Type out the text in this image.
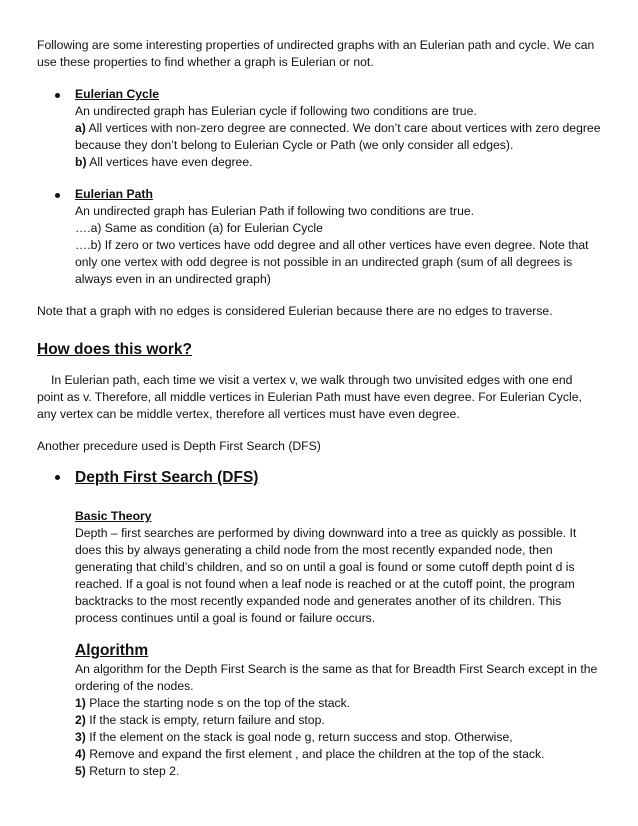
Following are some interesting properties of undirected graphs with an Eulerian path and cycle. We can use these properties to find whether a graph is Eulerian or not.

Eulerian Cycle

An undirected graph has Eulerian cycle if following two conditions are true.

a) All vertices with non-zero degree are connected. We don’t care about vertices with zero degree because they don’t belong to Eulerian Cycle or Path (we only consider all edges).

b) All vertices have even degree.

Eulerian Path

An undirected graph has Eulerian Path if following two conditions are true.

….a) Same as condition (a) for Eulerian Cycle

….b) If zero or two vertices have odd degree and all other vertices have even degree. Note that only one vertex with odd degree is not possible in an undirected graph (sum of all degrees is always even in an undirected graph)

Note that a graph with no edges is considered Eulerian because there are no edges to traverse.

How does this work?

In Eulerian path, each time we visit a vertex v, we walk through two unvisited edges with one end point as v. Therefore, all middle vertices in Eulerian Path must have even degree. For Eulerian Cycle, any vertex can be middle vertex, therefore all vertices must have even degree.

Another precedure used is Depth First Search (DFS)

Depth First Search (DFS)

Basic Theory

Depth – first searches are performed by diving downward into a tree as quickly as possible. It does this by always generating a child node from the most recently expanded node, then generating that child’s children, and so on until a goal is found or some cutoff depth point d is reached. If a goal is not found when a leaf node is reached or at the cutoff point, the program backtracks to the most recently expanded node and generates another of its children. This process continues until a goal is found or failure occurs.

Algorithm

An algorithm for the Depth First Search is the same as that for Breadth First Search except in the ordering of the nodes.

1) Place the starting node s on the top of the stack.

2) If the stack is empty, return failure and stop.

3) If the element on the stack is goal node g, return success and stop. Otherwise,

4) Remove and expand the first element , and place the children at the top of the stack.

5) Return to step 2.
